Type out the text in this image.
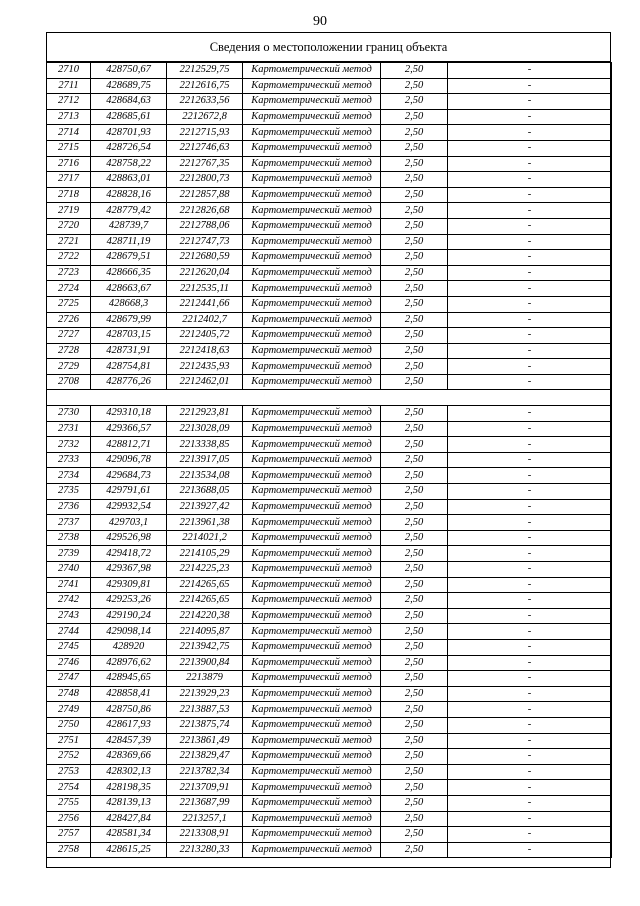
90
Сведения о местоположении границ объекта
2710	428750,67	2212529,75	Картометрический метод	2,50	-
2711	428689,75	2212616,75	Картометрический метод	2,50	-
2712	428684,63	2212633,56	Картометрический метод	2,50	-
2713	428685,61	2212672,8	Картометрический метод	2,50	-
2714	428701,93	2212715,93	Картометрический метод	2,50	-
2715	428726,54	2212746,63	Картометрический метод	2,50	-
2716	428758,22	2212767,35	Картометрический метод	2,50	-
2717	428863,01	2212800,73	Картометрический метод	2,50	-
2718	428828,16	2212857,88	Картометрический метод	2,50	-
2719	428779,42	2212826,68	Картометрический метод	2,50	-
2720	428739,7	2212788,06	Картометрический метод	2,50	-
2721	428711,19	2212747,73	Картометрический метод	2,50	-
2722	428679,51	2212680,59	Картометрический метод	2,50	-
2723	428666,35	2212620,04	Картометрический метод	2,50	-
2724	428663,67	2212535,11	Картометрический метод	2,50	-
2725	428668,3	2212441,66	Картометрический метод	2,50	-
2726	428679,99	2212402,7	Картометрический метод	2,50	-
2727	428703,15	2212405,72	Картометрический метод	2,50	-
2728	428731,91	2212418,63	Картометрический метод	2,50	-
2729	428754,81	2212435,93	Картометрический метод	2,50	-
2708	428776,26	2212462,01	Картометрический метод	2,50	-

2730	429310,18	2212923,81	Картометрический метод	2,50	-
2731	429366,57	2213028,09	Картометрический метод	2,50	-
2732	428812,71	2213338,85	Картометрический метод	2,50	-
2733	429096,78	2213917,05	Картометрический метод	2,50	-
2734	429684,73	2213534,08	Картометрический метод	2,50	-
2735	429791,61	2213688,05	Картометрический метод	2,50	-
2736	429932,54	2213927,42	Картометрический метод	2,50	-
2737	429703,1	2213961,38	Картометрический метод	2,50	-
2738	429526,98	2214021,2	Картометрический метод	2,50	-
2739	429418,72	2214105,29	Картометрический метод	2,50	-
2740	429367,98	2214225,23	Картометрический метод	2,50	-
2741	429309,81	2214265,65	Картометрический метод	2,50	-
2742	429253,26	2214265,65	Картометрический метод	2,50	-
2743	429190,24	2214220,38	Картометрический метод	2,50	-
2744	429098,14	2214095,87	Картометрический метод	2,50	-
2745	428920	2213942,75	Картометрический метод	2,50	-
2746	428976,62	2213900,84	Картометрический метод	2,50	-
2747	428945,65	2213879	Картометрический метод	2,50	-
2748	428858,41	2213929,23	Картометрический метод	2,50	-
2749	428750,86	2213887,53	Картометрический метод	2,50	-
2750	428617,93	2213875,74	Картометрический метод	2,50	-
2751	428457,39	2213861,49	Картометрический метод	2,50	-
2752	428369,66	2213829,47	Картометрический метод	2,50	-
2753	428302,13	2213782,34	Картометрический метод	2,50	-
2754	428198,35	2213709,91	Картометрический метод	2,50	-
2755	428139,13	2213687,99	Картометрический метод	2,50	-
2756	428427,84	2213257,1	Картометрический метод	2,50	-
2757	428581,34	2213308,91	Картометрический метод	2,50	-
2758	428615,25	2213280,33	Картометрический метод	2,50	-
